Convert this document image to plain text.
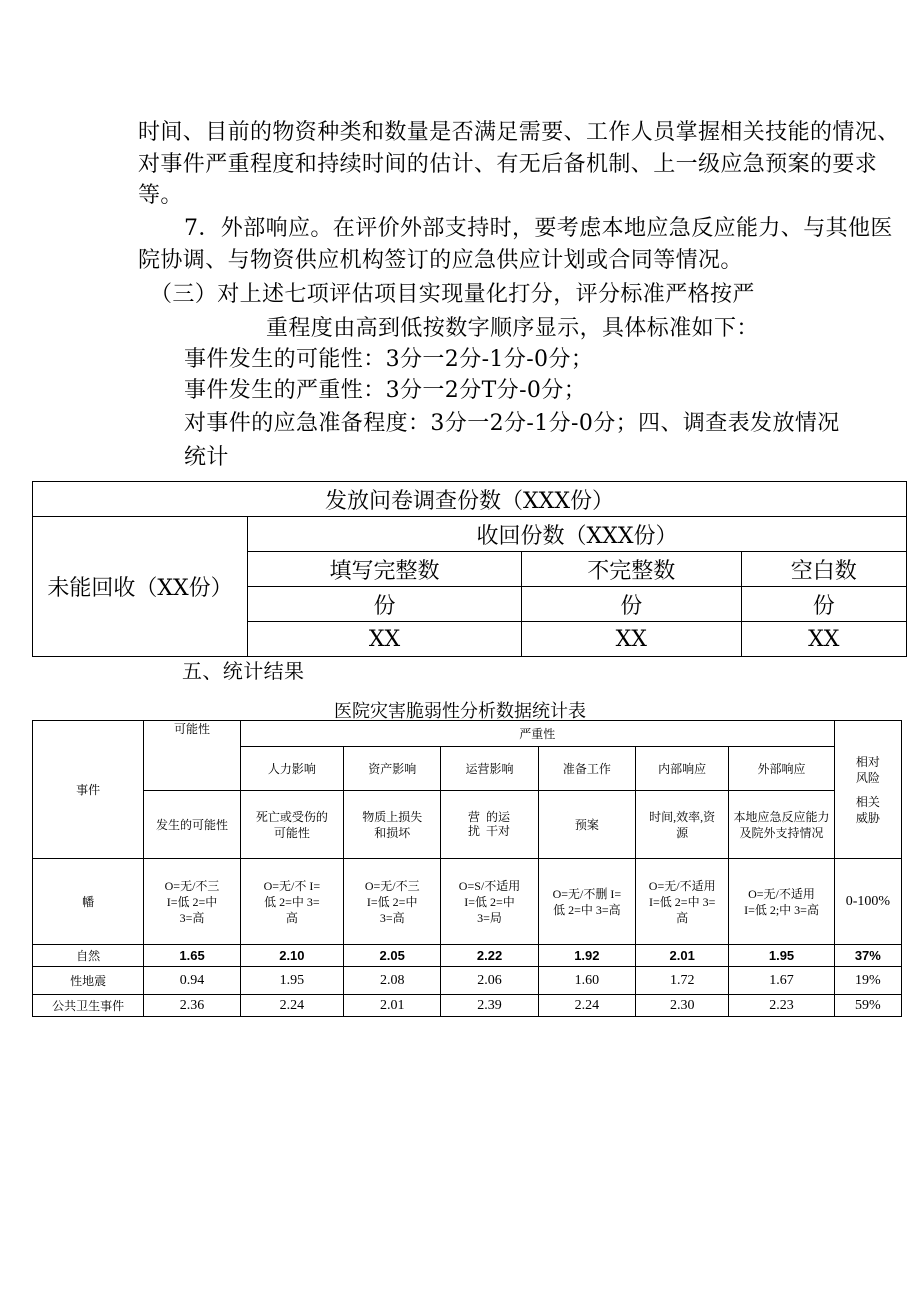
时间、目前的物资种类和数量是否满足需要、工作人员掌握相关技能的情况、
对事件严重程度和持续时间的估计、有无后备机制、上一级应急预案的要求
等。
7．外部响应。在评价外部支持时，要考虑本地应急反应能力、与其他医
院协调、与物资供应机构签订的应急供应计划或合同等情况。
（三）对上述七项评估项目实现量化打分，评分标准严格按严
重程度由高到低按数字顺序显示，具体标准如下：
事件发生的可能性：3分一2分-1分-0分；
事件发生的严重性：3分一2分T分-0分；
对事件的应急准备程度：3分一2分-1分-0分；四、调查表发放情况
统计
发放问卷调查份数（XXX份）			
未能回收（XX份）	收回份数（XXX份）		
	填写完整数	不完整数	空白数
	份	份	份
	XX	XX	XX
五、统计结果
医院灾害脆弱性分析数据统计表
事件	可能性	严重性						相对风险
相关威胁
		人力影响	资产影响	运营影响	准备工作	内部响应	外部响应	
	发生的可能性	死亡或受伤的可能性	物质上损失和损坏	营扰 的运干对	预案	时间,效率,资源	本地应急反应能力及院外支持情况	
幡	O=无/不三 I=低 2=中 3=高	O=无/不 I=低 2=中 3=高	O=无/不三 I=低 2=中 3=高	O=S/不适用 I=低 2=中 3=局	O=无/不删 I=低 2=中 3=高	O=无/不适用 I=低 2=中 3=高	O=无/不适用 I=低 2;中 3=高	0-100%
自然	1.65	2.10	2.05	2.22	1.92	2.01	1.95	37%
性地震	0.94	1.95	2.08	2.06	1.60	1.72	1.67	19%
公共卫生事件	2.36	2.24	2.01	2.39	2.24	2.30	2.23	59%
